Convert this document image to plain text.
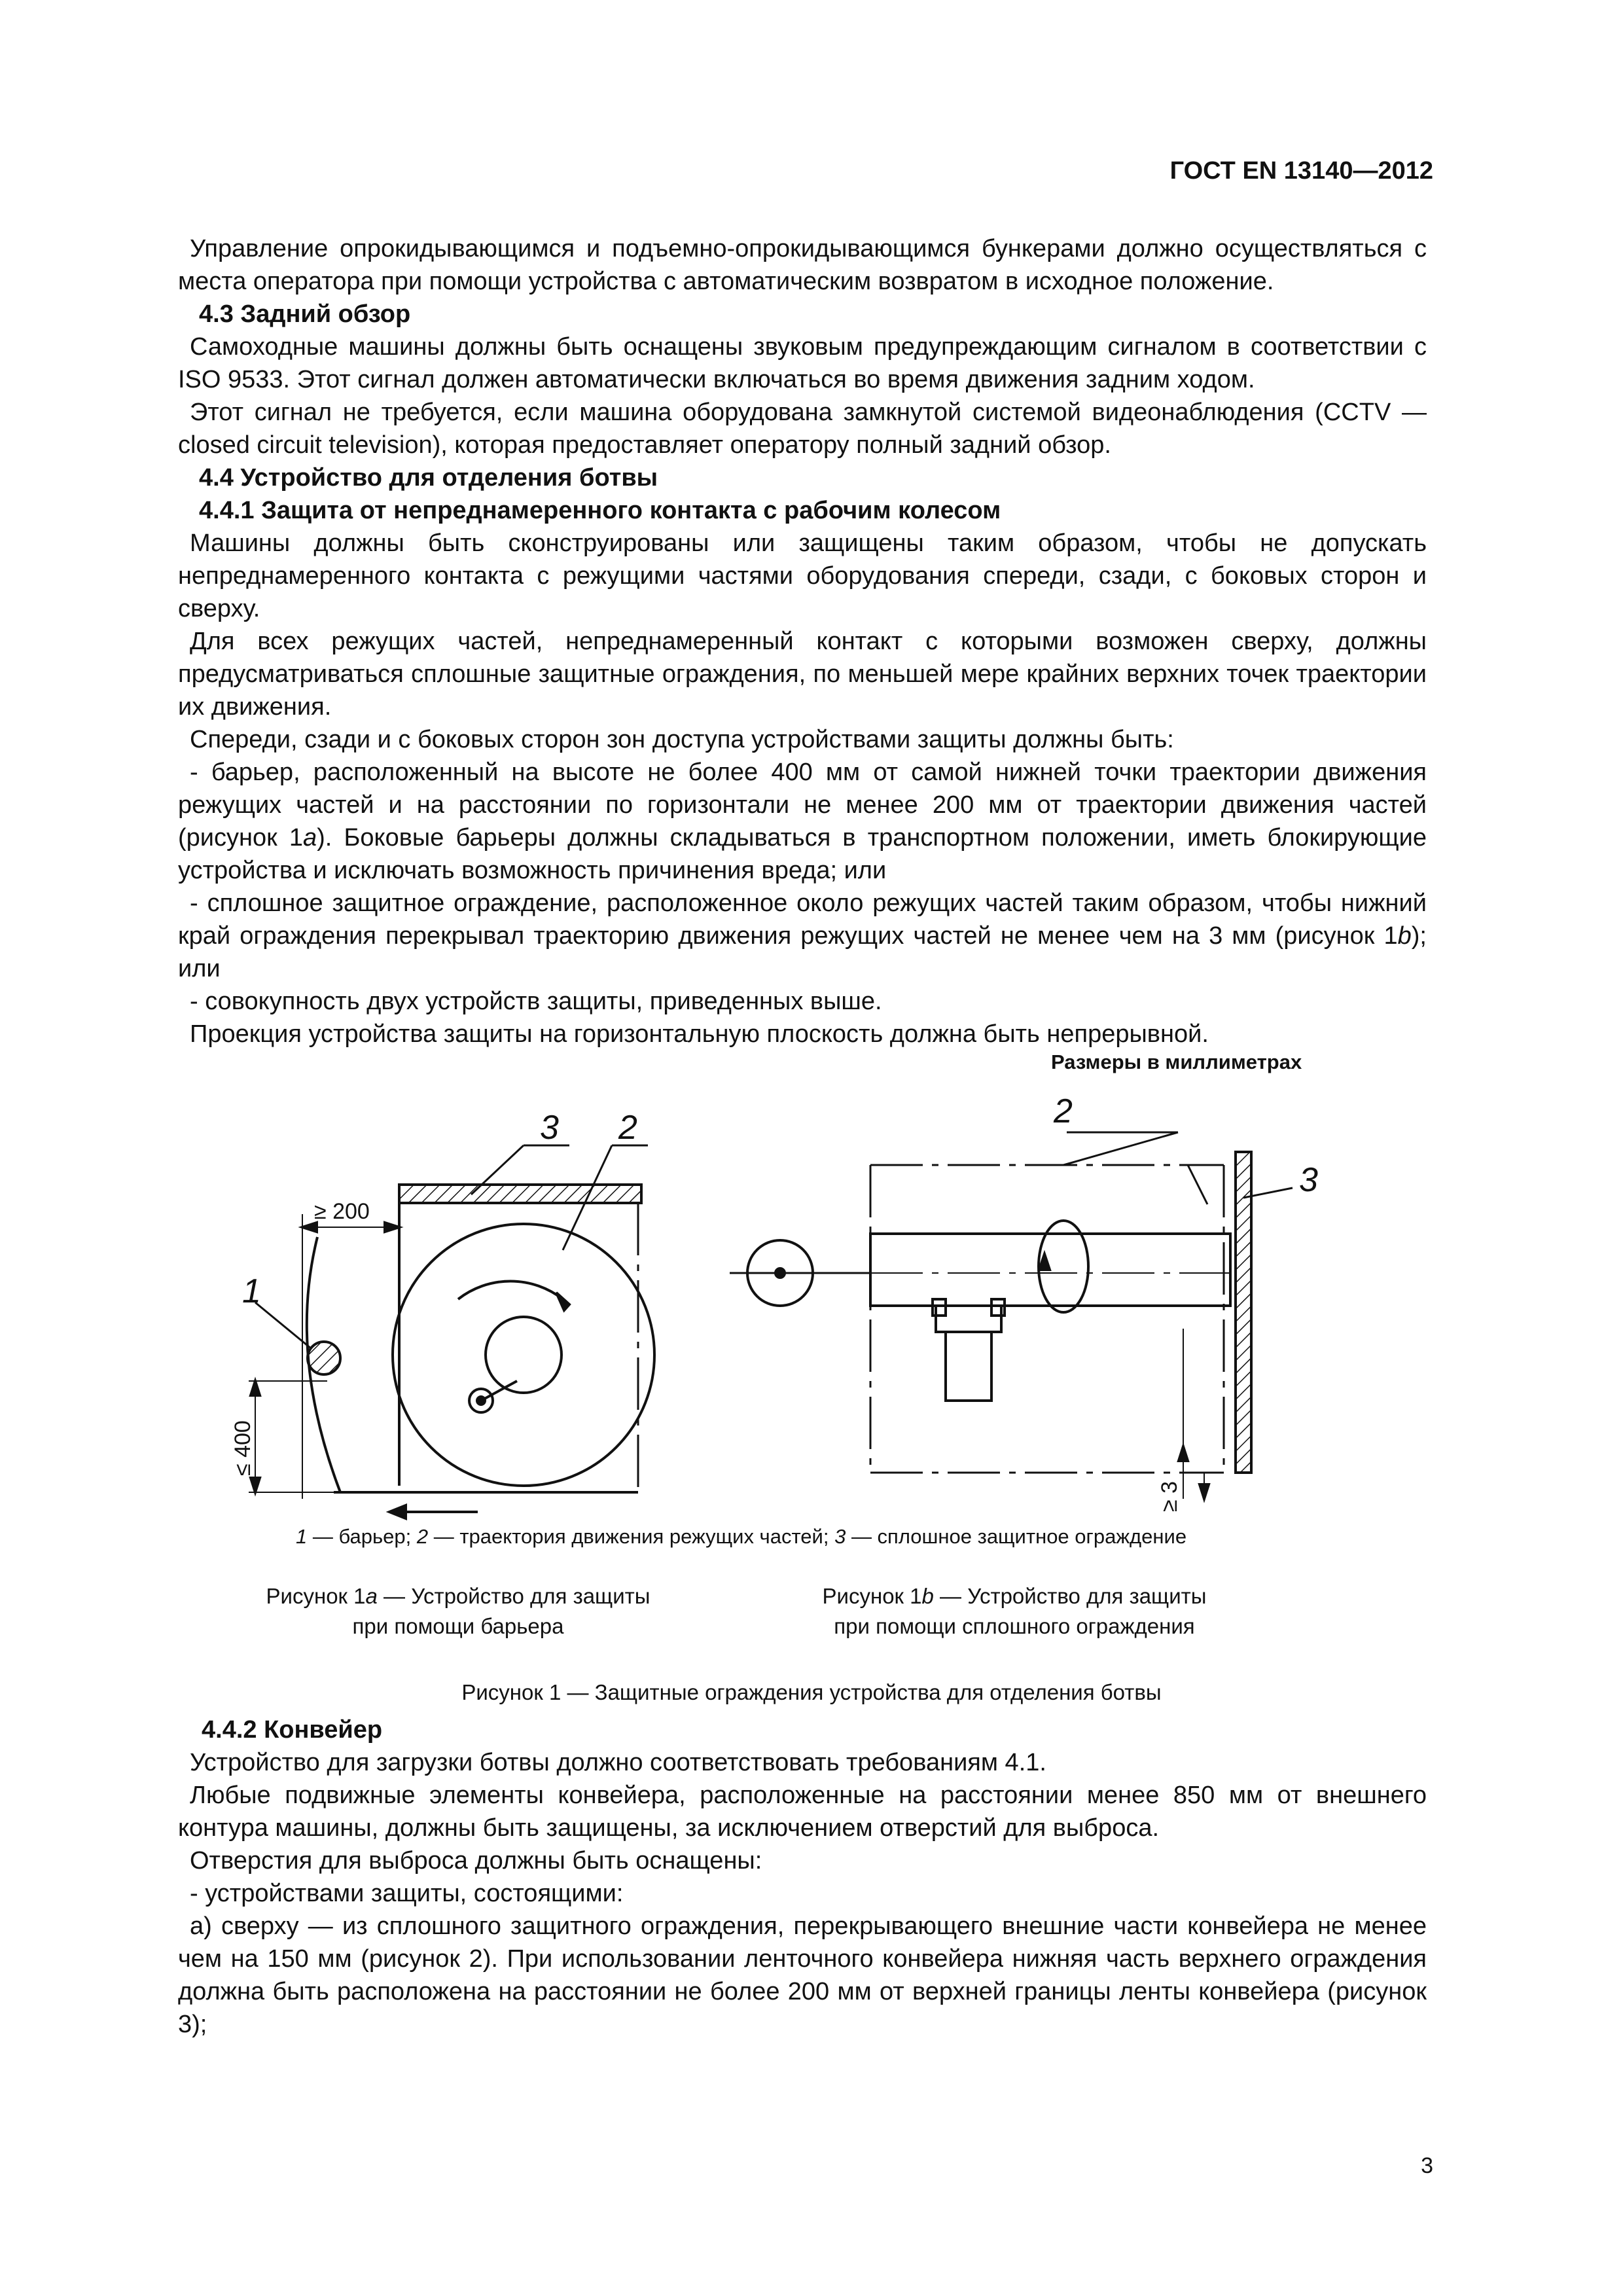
ГОСТ EN 13140—2012

Управление опрокидывающимся и подъемно-опрокидывающимся бункерами должно осуществляться с места оператора при помощи устройства с автоматическим возвратом в исходное положение.

4.3 Задний обзор

Самоходные машины должны быть оснащены звуковым предупреждающим сигналом в соответствии с ISO 9533. Этот сигнал должен автоматически включаться во время движения задним ходом.

Этот сигнал не требуется, если машина оборудована замкнутой системой видеонаблюдения (CCTV — closed circuit television), которая предоставляет оператору полный задний обзор.

4.4 Устройство для отделения ботвы

4.4.1 Защита от непреднамеренного контакта с рабочим колесом

Машины должны быть сконструированы или защищены таким образом, чтобы не допускать непреднамеренного контакта с режущими частями оборудования спереди, сзади, с боковых сторон и сверху.

Для всех режущих частей, непреднамеренный контакт с которыми возможен сверху, должны предусматриваться сплошные защитные ограждения, по меньшей мере крайних верхних точек траектории их движения.

Спереди, сзади и с боковых сторон зон доступа устройствами защиты должны быть:

- барьер, расположенный на высоте не более 400 мм от самой нижней точки траектории движения режущих частей и на расстоянии по горизонтали не менее 200 мм от траектории движения частей (рисунок 1a). Боковые барьеры должны складываться в транспортном положении, иметь блокирующие устройства и исключать возможность причинения вреда; или

- сплошное защитное ограждение, расположенное около режущих частей таким образом, чтобы нижний край ограждения перекрывал траекторию движения режущих частей не менее чем на 3 мм (рисунок 1b); или

- совокупность двух устройств защиты, приведенных выше.

Проекция устройства защиты на горизонтальную плоскость должна быть непрерывной.

Размеры в миллиметрах
3 2
1
≥ 200
≤ 400
2
3
≥ 3
1 — барьер; 2 — траектория движения режущих частей; 3 — сплошное защитное ограждение
Рисунок 1a — Устройство для защиты
при помощи барьера
Рисунок 1b — Устройство для защиты
при помощи сплошного ограждения
Рисунок 1 — Защитные ограждения устройства для отделения ботвы

4.4.2 Конвейер

Устройство для загрузки ботвы должно соответствовать требованиям 4.1.

Любые подвижные элементы конвейера, расположенные на расстоянии менее 850 мм от внешнего контура машины, должны быть защищены, за исключением отверстий для выброса.

Отверстия для выброса должны быть оснащены:

- устройствами защиты, состоящими:

а) сверху — из сплошного защитного ограждения, перекрывающего внешние части конвейера не менее чем на 150 мм (рисунок 2). При использовании ленточного конвейера нижняя часть верхнего ограждения должна быть расположена на расстоянии не более 200 мм от верхней границы ленты конвейера (рисунок 3);

3
